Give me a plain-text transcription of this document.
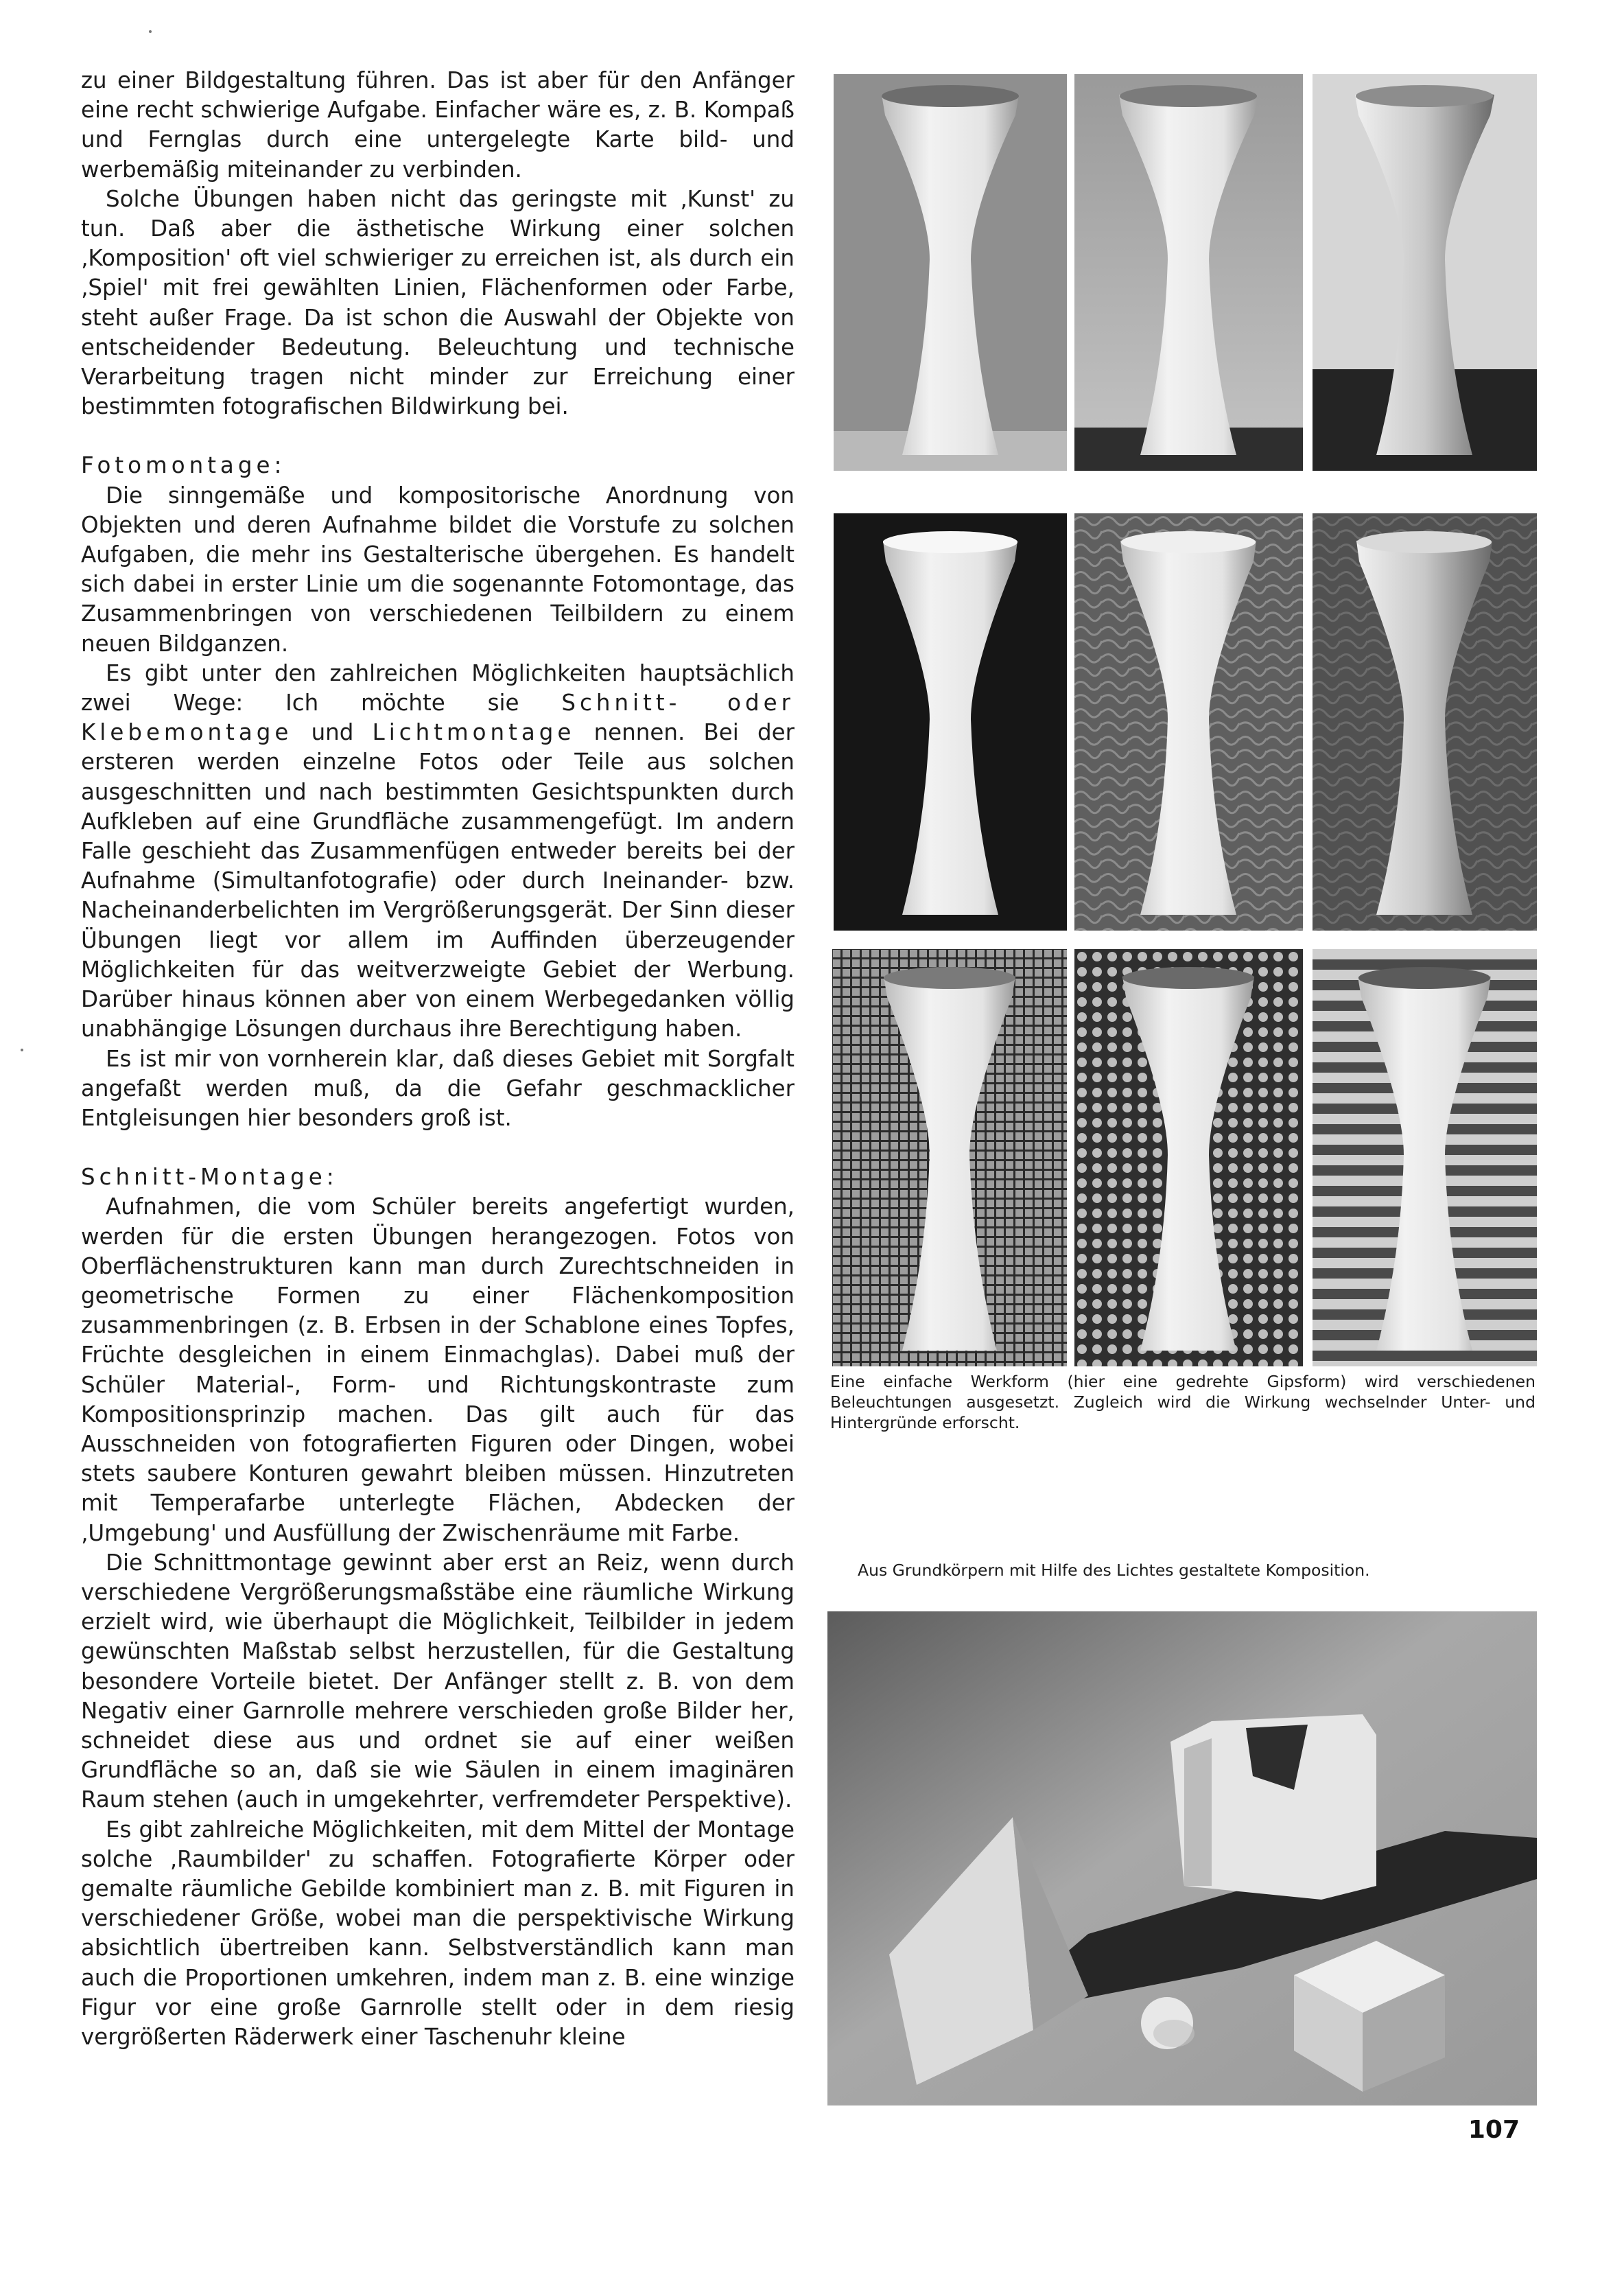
zu einer Bildgestaltung führen. Das ist aber für den Anfänger eine recht schwierige Aufgabe. Einfacher wäre es, z. B. Kompaß und Fernglas durch eine untergelegte Karte bild- und werbemäßig miteinander zu verbinden.

Solche Übungen haben nicht das geringste mit ‚Kunst' zu tun. Daß aber die ästhetische Wirkung einer solchen ‚Komposition' oft viel schwieriger zu erreichen ist, als durch ein ‚Spiel' mit frei gewählten Linien, Flächenformen oder Farbe, steht außer Frage. Da ist schon die Auswahl der Objekte von entscheidender Bedeutung. Beleuchtung und technische Verarbeitung tragen nicht minder zur Erreichung einer bestimmten fotografischen Bildwirkung bei.

Fotomontage:

Die sinngemäße und kompositorische Anordnung von Objekten und deren Aufnahme bildet die Vorstufe zu solchen Aufgaben, die mehr ins Gestalterische übergehen. Es handelt sich dabei in erster Linie um die sogenannte Fotomontage, das Zusammenbringen von verschiedenen Teilbildern zu einem neuen Bildganzen.

Es gibt unter den zahlreichen Möglichkeiten hauptsächlich zwei Wege: Ich möchte sie Schnitt- oder Klebemontage und Lichtmontage nennen. Bei der ersteren werden einzelne Fotos oder Teile aus solchen ausgeschnitten und nach bestimmten Gesichtspunkten durch Aufkleben auf eine Grundfläche zusammengefügt. Im andern Falle geschieht das Zusammenfügen entweder bereits bei der Aufnahme (Simultanfotografie) oder durch Ineinander- bzw. Nacheinanderbelichten im Vergrößerungsgerät. Der Sinn dieser Übungen liegt vor allem im Auffinden überzeugender Möglichkeiten für das weitverzweigte Gebiet der Werbung. Darüber hinaus können aber von einem Werbegedanken völlig unabhängige Lösungen durchaus ihre Berechtigung haben.

Es ist mir von vornherein klar, daß dieses Gebiet mit Sorgfalt angefaßt werden muß, da die Gefahr geschmacklicher Entgleisungen hier besonders groß ist.

Schnitt-Montage:

Aufnahmen, die vom Schüler bereits angefertigt wurden, werden für die ersten Übungen herangezogen. Fotos von Oberflächenstrukturen kann man durch Zurechtschneiden in geometrische Formen zu einer Flächenkomposition zusammenbringen (z. B. Erbsen in der Schablone eines Topfes, Früchte desgleichen in einem Einmachglas). Dabei muß der Schüler Material-, Form- und Richtungskontraste zum Kompositionsprinzip machen. Das gilt auch für das Ausschneiden von fotografierten Figuren oder Dingen, wobei stets saubere Konturen gewahrt bleiben müssen. Hinzutreten mit Temperafarbe unterlegte Flächen, Abdecken der ‚Umgebung' und Ausfüllung der Zwischenräume mit Farbe.

Die Schnittmontage gewinnt aber erst an Reiz, wenn durch verschiedene Vergrößerungsmaßstäbe eine räumliche Wirkung erzielt wird, wie überhaupt die Möglichkeit, Teilbilder in jedem gewünschten Maßstab selbst herzustellen, für die Gestaltung besondere Vorteile bietet. Der Anfänger stellt z. B. von dem Negativ einer Garnrolle mehrere verschieden große Bilder her, schneidet diese aus und ordnet sie auf einer weißen Grundfläche so an, daß sie wie Säulen in einem imaginären Raum stehen (auch in umgekehrter, verfremdeter Perspektive).

Es gibt zahlreiche Möglichkeiten, mit dem Mittel der Montage solche ‚Raumbilder' zu schaffen. Fotografierte Körper oder gemalte räumliche Gebilde kombiniert man z. B. mit Figuren in verschiedener Größe, wobei man die perspektivische Wirkung absichtlich übertreiben kann. Selbstverständlich kann man auch die Proportionen umkehren, indem man z. B. eine winzige Figur vor eine große Garnrolle stellt oder in dem riesig vergrößerten Räderwerk einer Taschenuhr kleine

Eine einfache Werkform (hier eine gedrehte Gipsform) wird verschiedenen Beleuchtungen ausgesetzt. Zugleich wird die Wirkung wechselnder Unter- und Hintergründe erforscht.
Aus Grundkörpern mit Hilfe des Lichtes gestaltete Komposition.
107
